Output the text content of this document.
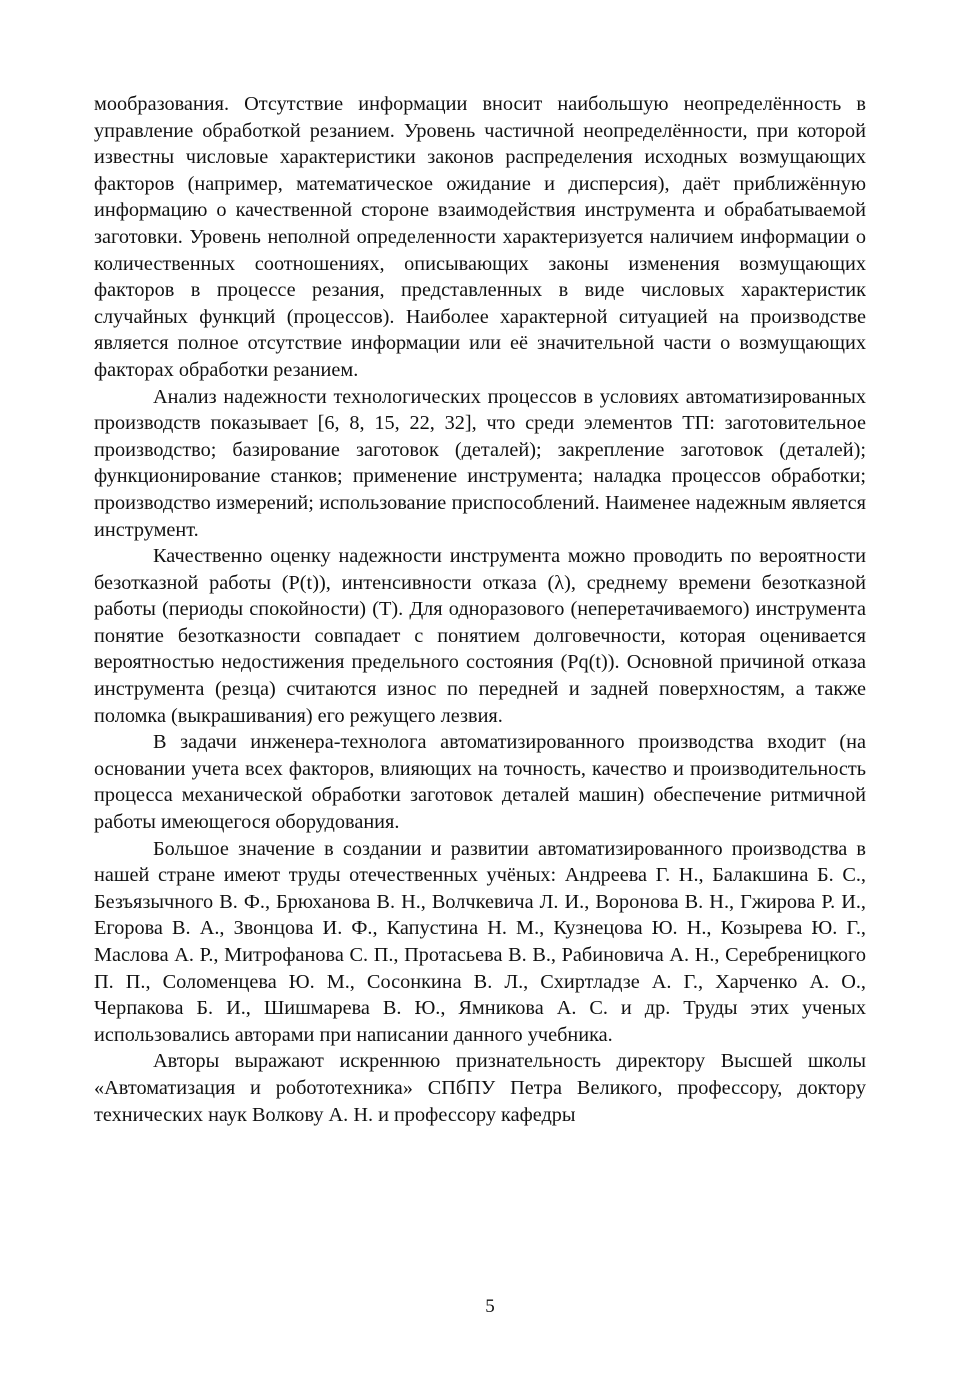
мообразования. Отсутствие информации вносит наибольшую неопределённость в управление обработкой резанием. Уровень частичной неопределённости, при которой известны числовые характеристики законов распределения исходных возмущающих факторов (например, математическое ожидание и дисперсия), даёт приближённую информацию о качественной стороне взаимодействия инструмента и обрабатываемой заготовки. Уровень неполной определенности характеризуется наличием информации о количественных соотношениях, описывающих законы изменения возмущающих факторов в процессе резания, представленных в виде числовых характеристик случайных функций (процессов). Наиболее характерной ситуацией на производстве является полное отсутствие информации или её значительной части о возмущающих факторах обработки резанием.

Анализ надежности технологических процессов в условиях автоматизированных производств показывает [6, 8, 15, 22, 32], что среди элементов ТП: заготовительное производство; базирование заготовок (деталей); закрепление заготовок (деталей); функционирование станков; применение инструмента; наладка процессов обработки; производство измерений; использование приспособлений. Наименее надежным является инструмент.

Качественно оценку надежности инструмента можно проводить по вероятности безотказной работы (P(t)), интенсивности отказа (λ), среднему времени безотказной работы (периоды спокойности) (T). Для одноразового (неперетачиваемого) инструмента понятие безотказности совпадает с понятием долговечности, которая оценивается вероятностью недостижения предельного состояния (Pq(t)). Основной причиной отказа инструмента (резца) считаются износ по передней и задней поверхностям, а также поломка (выкрашивания) его режущего лезвия.

В задачи инженера-технолога автоматизированного производства входит (на основании учета всех факторов, влияющих на точность, качество и производительность процесса механической обработки заготовок деталей машин) обеспечение ритмичной работы имеющегося оборудования.

Большое значение в создании и развитии автоматизированного производства в нашей стране имеют труды отечественных учёных: Андреева Г. Н., Балакшина Б. С., Безъязычного В. Ф., Брюханова В. Н., Волчкевича Л. И., Воронова В. Н., Гжирова Р. И., Егорова В. А., Звонцова И. Ф., Капустина Н. М., Кузнецова Ю. Н., Козырева Ю. Г., Маслова А. Р., Митрофанова С. П., Протасьева В. В., Рабиновича А. Н., Серебреницкого П. П., Соломенцева Ю. М., Сосонкина В. Л., Схиртладзе А. Г., Харченко А. О., Черпакова Б. И., Шишмарева В. Ю., Ямникова А. С. и др. Труды этих ученых использовались авторами при написании данного учебника.

Авторы выражают искреннюю признательность директору Высшей школы «Автоматизация и робототехника» СПбПУ Петра Великого, профессору, доктору технических наук Волкову А. Н. и профессору кафедры

5
